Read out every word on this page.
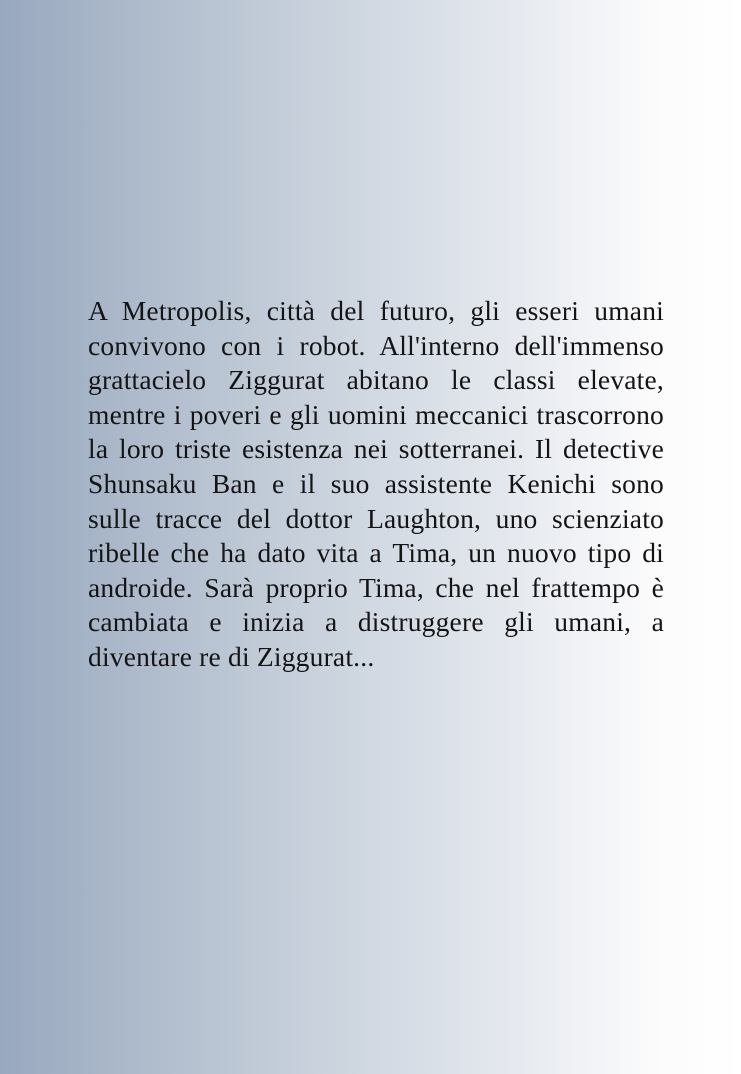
A Metropolis, città del futuro, gli esseri umani convivono con i robot. All'interno dell'immenso grattacielo Ziggurat abitano le classi elevate, mentre i poveri e gli uomini meccanici trascorrono la loro triste esistenza nei sotterranei. Il detective Shunsaku Ban e il suo assistente Kenichi sono sulle tracce del dottor Laughton, uno scienziato ribelle che ha dato vita a Tima, un nuovo tipo di androide. Sarà proprio Tima, che nel frattempo è cambiata e inizia a distruggere gli umani, a diventare re di Ziggurat...
